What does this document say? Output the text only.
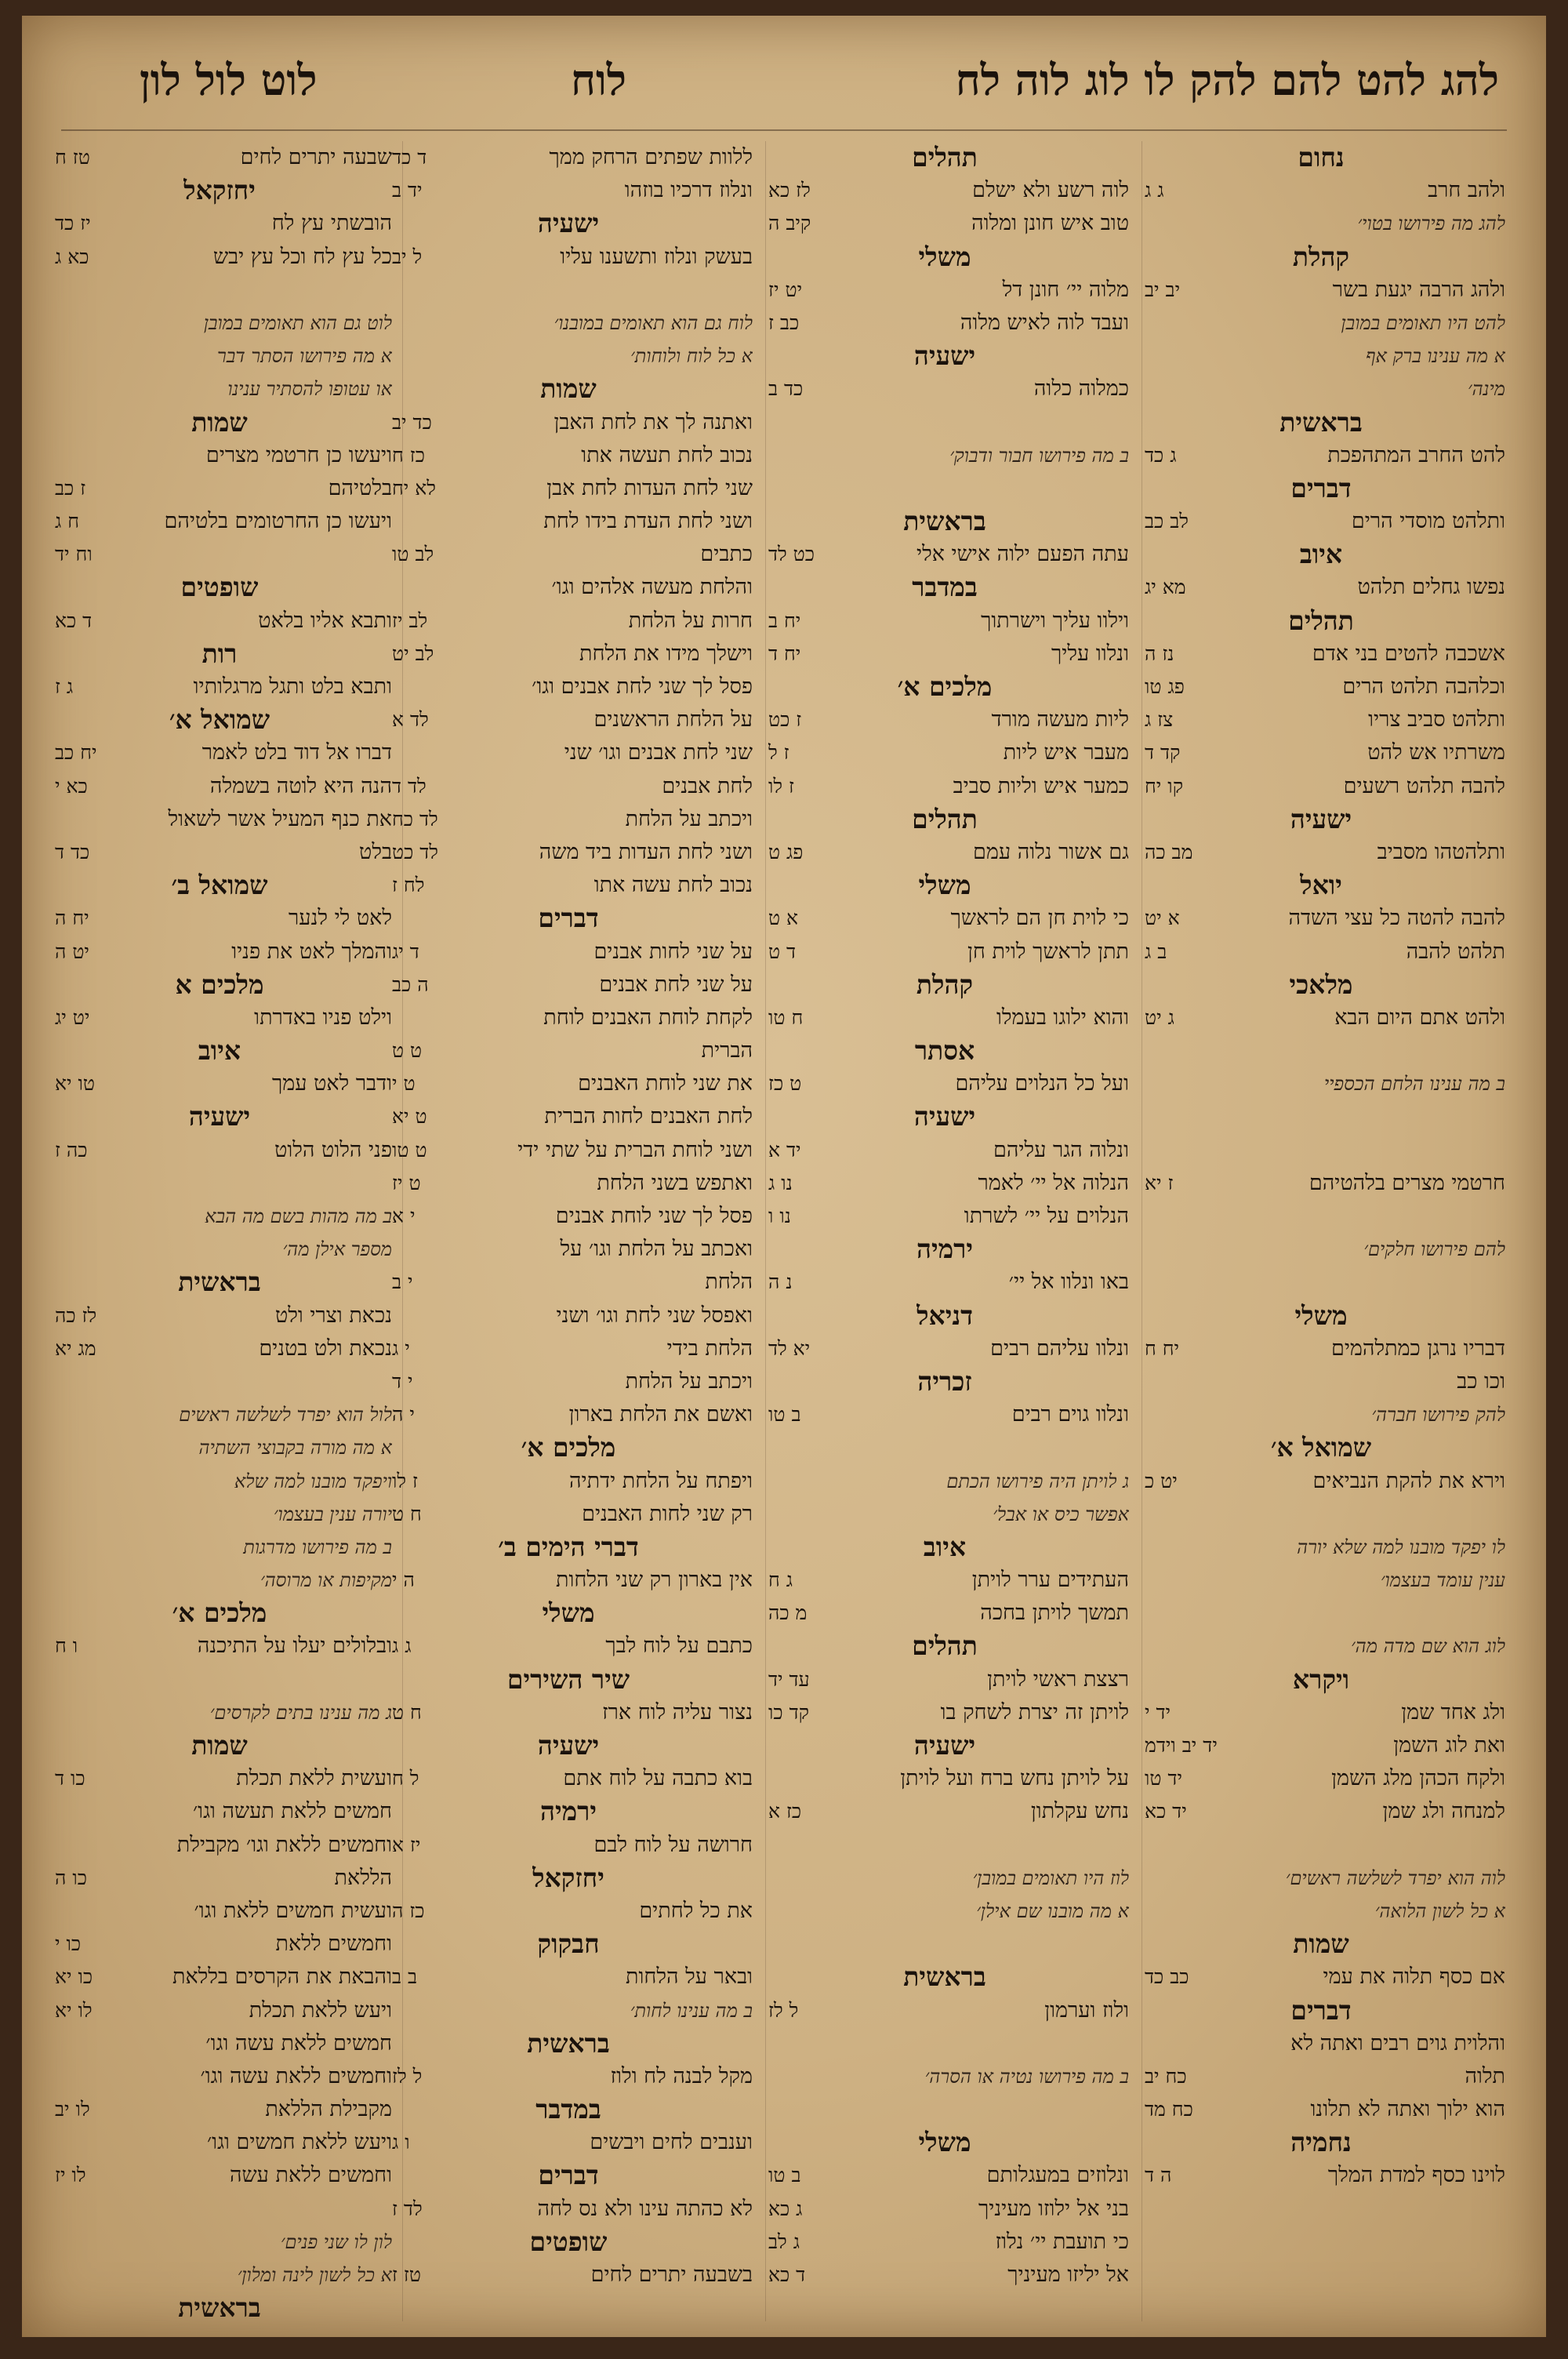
להג להט להם להק לו לוג לוה לח
לוח
לוט לול לון
נחום
ולהב חרב
ג ג
להג מה פירושו בטוי׳
קהלת
ולהג הרבה יגעת בשר
יב יב
להט היו תאומים במובן
א מה ענינו ברק אף
מינה׳
בראשית
להט החרב המתהפכת
ג כד
דברים
ותלהט מוסדי הרים
לב כב
איוב
נפשו גחלים תלהט
מא יג
תהלים
אשכבה להטים בני אדם
נז ה
וכלהבה תלהט הרים
פג טו
ותלהט סביב צריו
צז ג
משרתיו אש להט
קד ד
להבה תלהט רשעים
קו יח
ישעיה
ותלהטהו מסביב
מב כה
יואל
להבה להטה כל עצי השדה
א יט
תלהט להבה
ב ג
מלאכי
ולהט אתם היום הבא
ג יט
ב מה ענינו הלחם הכספיי
חרטמי מצרים בלהטיהם
ז יא
להם פירושו חלקים׳
משלי
דבריו נרגן כמתלהמים
יח ח
וכו כב
להק פירושו חברה׳
שמואל א׳
וירא את להקת הנביאים
יט כ
לו יפקד מובנו למה שלא יורה
ענין עומד בעצמו׳
לוג הוא שם מדה מה׳
ויקרא
ולג אחד שמן
יד י
ואת לוג השמן
יד יב וידמ
ולקח הכהן מלג השמן
יד טו
למנחה ולג שמן
יד כא
לוה הוא יפרד לשלשה ראשים׳
א כל לשון הלואה׳
שמות
אם כסף תלוה את עמי
כב כד
דברים
והלוית גוים רבים ואתה לא
תלוה
כח יב
הוא ילוך ואתה לא תלונו
כח מד
נחמיה
לוינו כסף למדת המלך
ה ד
תהלים
לוה רשע ולא ישלם
לז כא
טוב איש חונן ומלוה
קיב ה
משלי
מלוה יי׳ חונן דל
יט יז
ועבד לוה לאיש מלוה
כב ז
ישעיה
כמלוה כלוה
כד ב
ב מה פירושו חבור ודבוק׳
בראשית
עתה הפעם ילוה אישי אלי
כט לד
במדבר
וילוו עליך וישרתוך
יח ב
ונלוו עליך
יח ד
מלכים א׳
ליות מעשה מורד
ז כט
מעבר איש ליות
ז ל
כמער איש וליות סביב
ז לו
תהלים
גם אשור נלוה עמם
פג ט
משלי
כי לוית חן הם לראשך
א ט
תתן לראשך לוית חן
ד ט
קהלת
והוא ילוגו בעמלו
ח טו
אסתר
ועל כל הנלוים עליהם
ט כז
ישעיה
ונלוה הגר עליהם
יד א
הנלוה אל יי׳ לאמר
נו ג
הנלוים על יי׳ לשרתו
נו ו
ירמיה
באו ונלוו אל יי׳
נ ה
דניאל
ונלוו עליהם רבים
יא לד
זכריה
ונלוו גוים רבים
ב טו
ג לויתן היה פירושו הכתם
אפשר כיס או אבל׳
איוב
העתידים ערר לויתן
ג ח
תמשך לויתן בחכה
מ כה
תהלים
רצצת ראשי לויתן
עד יד
לויתן זה יצרת לשחק בו
קד כו
ישעיה
על לויתן נחש ברח ועל לויתן
נחש עקלתון
כז א
לוז היו תאומים במובן׳
א מה מובנו שם אילן׳
בראשית
ולוז וערמון
ל לז
ב מה פירושו נטיה או הסרה׳
משלי
ונלוזים במעגלותם
ב טו
בני אל ילוזו מעיניך
ג כא
כי תועבת יי׳ נלוז
ג לב
אל יליזו מעיניך
ד כא
ללוות שפתים הרחק ממך
ד כד
ונלוז דרכיו בוזהו
יד ב
ישעיה
בעשק ונלוז ותשענו עליו
ל יב
לוח גם הוא תאומים במובנו׳
א כל לוח ולוחות׳
שמות
ואתנה לך את לחת האבן
כד יב
נכוב לחת תעשה אתו
כז ח
שני לחת העדות לחת אבן
לא יח
ושני לחת העדת בידו לחת
כתבים
לב טו
והלחת מעשה אלהים וגו׳
חרות על הלחת
לב יז
וישלך מידו את הלחת
לב יט
פסל לך שני לחת אבנים וגו׳
על הלחת הראשנים
לד א
שני לחת אבנים וגו׳ שני
לחת אבנים
לד ד
ויכתב על הלחת
לד כח
ושני לחת העדות ביד משה
לד כט
נכוב לחת עשה אתו
לח ז
דברים
על שני לחות אבנים
ד יג
על שני לחת אבנים
ה כב
לקחת לוחת האבנים לוחת
הברית
ט ט
את שני לוחת האבנים
ט י
לחת האבנים לחות הברית
ט יא
ושני לוחת הברית על שתי ידי
ט טו
ואתפש בשני הלחת
ט יז
פסל לך שני לוחת אבנים
י א
ואכתב על הלחת וגו׳ על
הלחת
י ב
ואפסל שני לחת וגו׳ ושני
הלחת בידי
י ג
ויכתב על הלחת
י ד
ואשם את הלחת בארון
י ה
מלכים א׳
ויפתח על הלחת ידתיה
ז לו
רק שני לחות האבנים
ח ט
דברי הימים ב׳
אין בארון רק שני הלחות
ה י
משלי
כתבם על לוח לבך
ג ג
שיר השירים
נצור עליה לוח ארז
ח ט
ישעיה
בוא כתבה על לוח אתם
ל ח
ירמיה
חרושה על לוח לבם
יז א
יחזקאל
את כל לחתים
כז ה
חבקוק
ובאר על הלחות
ב ב
ב מה ענינו לחות׳
בראשית
מקל לבנה לח ולוז
ל לז
במדבר
וענבים לחים ויבשים
ו ג
דברים
לא כהתה עינו ולא נס לחה
לד ז
שופטים
בשבעה יתרים לחים
טז ז
שבעה יתרים לחים
טז ח
יחזקאל
הובשתי עץ לח
יז כד
כל עץ לח וכל עץ יבש
כא ג
לוט גם הוא תאומים במובן
א מה פירושו הסתר דבר
או עטופו להסתיר ענינו
שמות
ויעשו כן חרטמי מצרים
בלטיהם
ז כב
ויעשו כן החרטומים בלטיהם
ח ג
וח יד
שופטים
ותבא אליו בלאט
ד כא
רות
ותבא בלט ותגל מרגלותיו
ג ז
שמואל א׳
דברו אל דוד בלט לאמר
יח כב
הנה היא לוטה בשמלה
כא י
את כנף המעיל אשר לשאול
בלט
כד ד
שמואל ב׳
לאט לי לנער
יח ה
והמלך לאט את פניו
יט ה
מלכים א
וילט פניו באדרתו
יט יג
איוב
ודבר לאט עמך
טו יא
ישעיה
פני הלוט הלוט
כה ז
ב מה מהות בשם מה הבא
מספר אילן מה׳
בראשית
נכאת וצרי ולט
לז כה
נכאת ולט בטנים
מג יא
לול הוא יפרד לשלשה ראשים
א מה מורה בקבוצי השתיה
ויפקד מובנו למה שלא
יורה ענין בעצמו׳
ב מה פירושו מדרגות
מקיפות או מרוסה׳
מלכים א׳
ובלולים יעלו על התיכנה
ו ח
ג מה ענינו בתים לקרסים׳
שמות
ועשית ללאת תכלת
כו ד
חמשים ללאת תעשה וגו׳
וחמשים ללאת וגו׳ מקבילת
הללאת
כו ה
ועשית חמשים ללאת וגו׳
וחמשים ללאת
כו י
והבאת את הקרסים בללאת
כו יא
ויעש ללאת תכלת
לו יא
חמשים ללאת עשה וגו׳
וחמשים ללאת עשה וגו׳
מקבילת הללאת
לו יב
ויעש ללאת חמשים וגו׳
וחמשים ללאת עשה
לו יז
לון לו שני פנים׳
א כל לשון לינה ומלון׳
בראשית
